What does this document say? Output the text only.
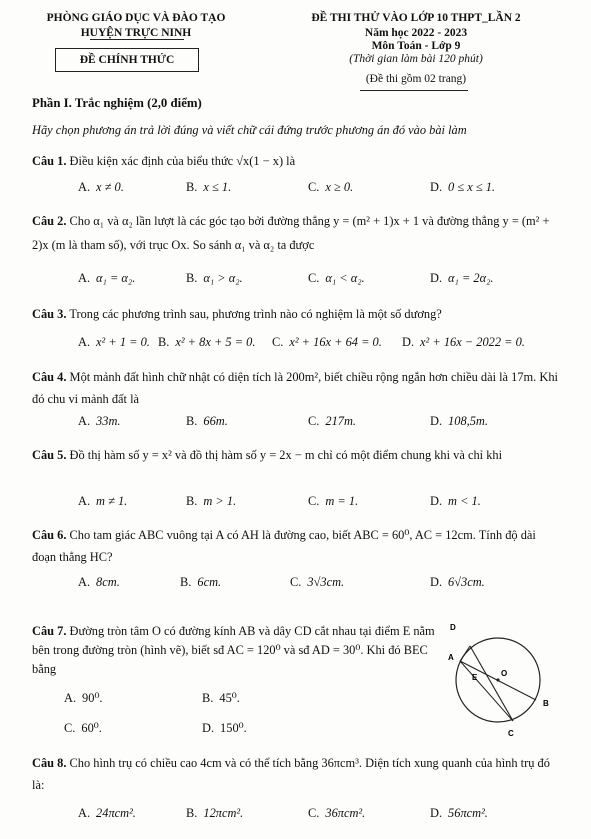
PHÒNG GIÁO DỤC VÀ ĐÀO TẠO
HUYỆN TRỰC NINH
ĐỀ CHÍNH THỨC
ĐỀ THI THỬ VÀO LỚP 10 THPT_LẦN 2
Năm học 2022 - 2023
Môn Toán - Lớp 9
(Thời gian làm bài 120 phút)
(Đề thi gồm 02 trang)
Phần I. Trắc nghiệm (2,0 điểm)
Hãy chọn phương án trả lời đúng và viết chữ cái đứng trước phương án đó vào bài làm
Câu 1. Điều kiện xác định của biểu thức √x(1 − x) là
A. x ≠ 0.	B. x ≤ 1.	C. x ≥ 0.	D. 0 ≤ x ≤ 1.
Câu 2. Cho α₁ và α₂ lần lượt là các góc tạo bởi đường thẳng y = (m² + 1)x + 1 và đường thẳng y = (m² + 2)x (m là tham số), với trục Ox. So sánh α₁ và α₂ ta được
A. α₁ = α₂.	B. α₁ > α₂.	C. α₁ < α₂.	D. α₁ = 2α₂.
Câu 3. Trong các phương trình sau, phương trình nào có nghiệm là một số dương?
A. x² + 1 = 0. B. x² + 8x + 5 = 0. C. x² + 16x + 64 = 0. D. x² + 16x − 2022 = 0.
Câu 4. Một mảnh đất hình chữ nhật có diện tích là 200m², biết chiều rộng ngắn hơn chiều dài là 17m. Khi đó chu vi mảnh đất là
A. 33m.	B. 66m.	C. 217m.	D. 108,5m.
Câu 5. Đồ thị hàm số y = x² và đồ thị hàm số y = 2x − m chỉ có một điểm chung khi và chỉ khi
A. m ≠ 1.	B. m > 1.	C. m = 1.	D. m < 1.
Câu 6. Cho tam giác ABC vuông tại A có AH là đường cao, biết ABC = 60⁰, AC = 12cm. Tính độ dài đoạn thẳng HC?
A. 8cm.	B. 6cm.	C. 3√3cm.	D. 6√3cm.
Câu 7. Đường tròn tâm O có đường kính AB và dây CD cắt nhau tại điểm E nằm bên trong đường tròn (hình vẽ), biết sđ AC = 120⁰ và sđ AD = 30⁰. Khi đó BEC bằng
A. 90⁰.	B. 45⁰.
C. 60⁰.	D. 150⁰.
D
A
E	O
B
C
Câu 8. Cho hình trụ có chiều cao 4cm và có thể tích bằng 36πcm³. Diện tích xung quanh của hình trụ đó là:
A. 24πcm².	B. 12πcm².	C. 36πcm².	D. 56πcm².
